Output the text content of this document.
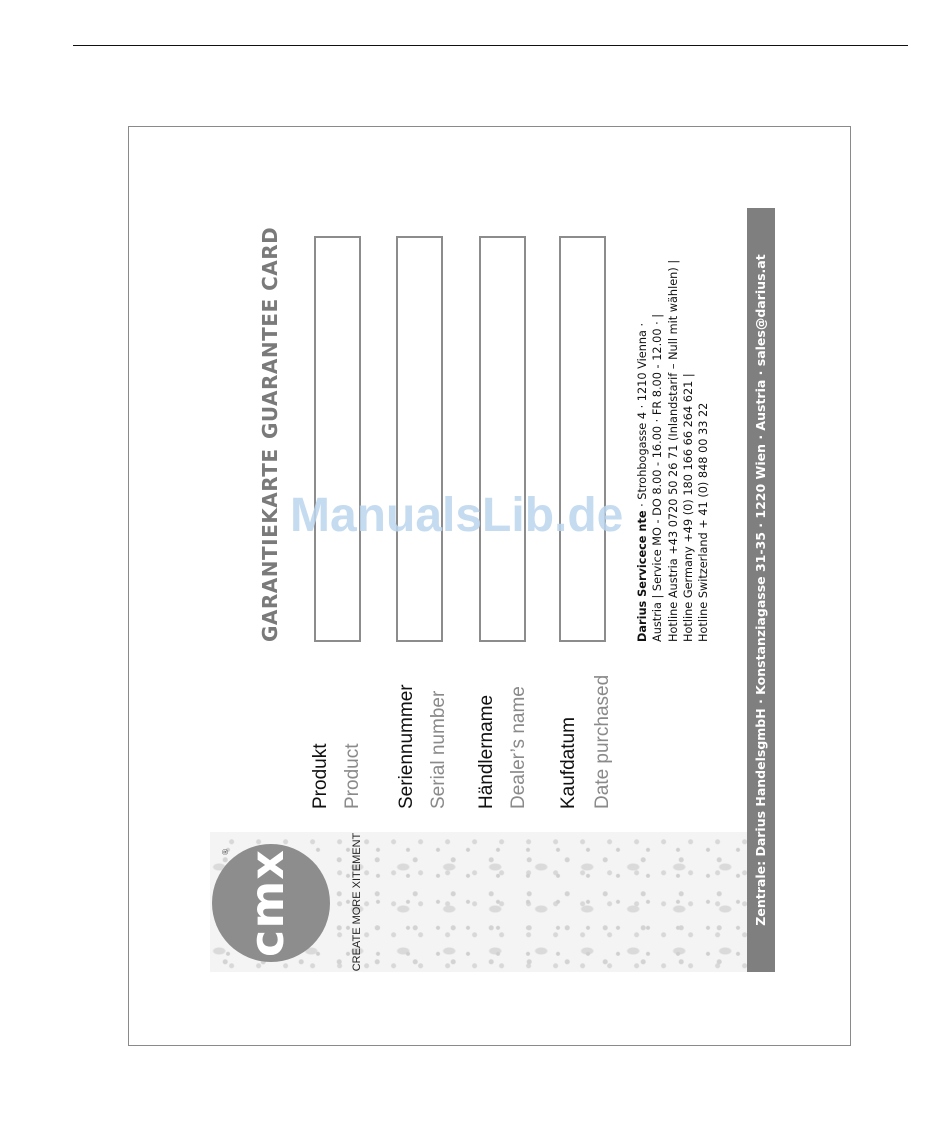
cmx
®	CREATE MORE XITEMENT
Produkt Product Seriennummer Serial number Händlername Dealer’s name Kaufdatum Date purchased
GARANTIEKARTE
GUARANTEE CARD
Darius Servicece nte · Strohbogasse 4 · 1210 Vienna · Austria | Service MO - DO 8.00 - 16.00 · FR 8.00 - 12.00 · | Hotline Austria +43 0720 50 26 71 (Inlandstarif – Null mit wählen) | Hotline Germany +49 (0) 180 166 66 264 621 | Hotline Switzerland + 41 (0) 848 00 33 22	Zentrale: Darius HandelsgmbH · Konstanziagasse 31-35 · 1220 Wien · Austria · sales@darius.at
ManualsLib.de
